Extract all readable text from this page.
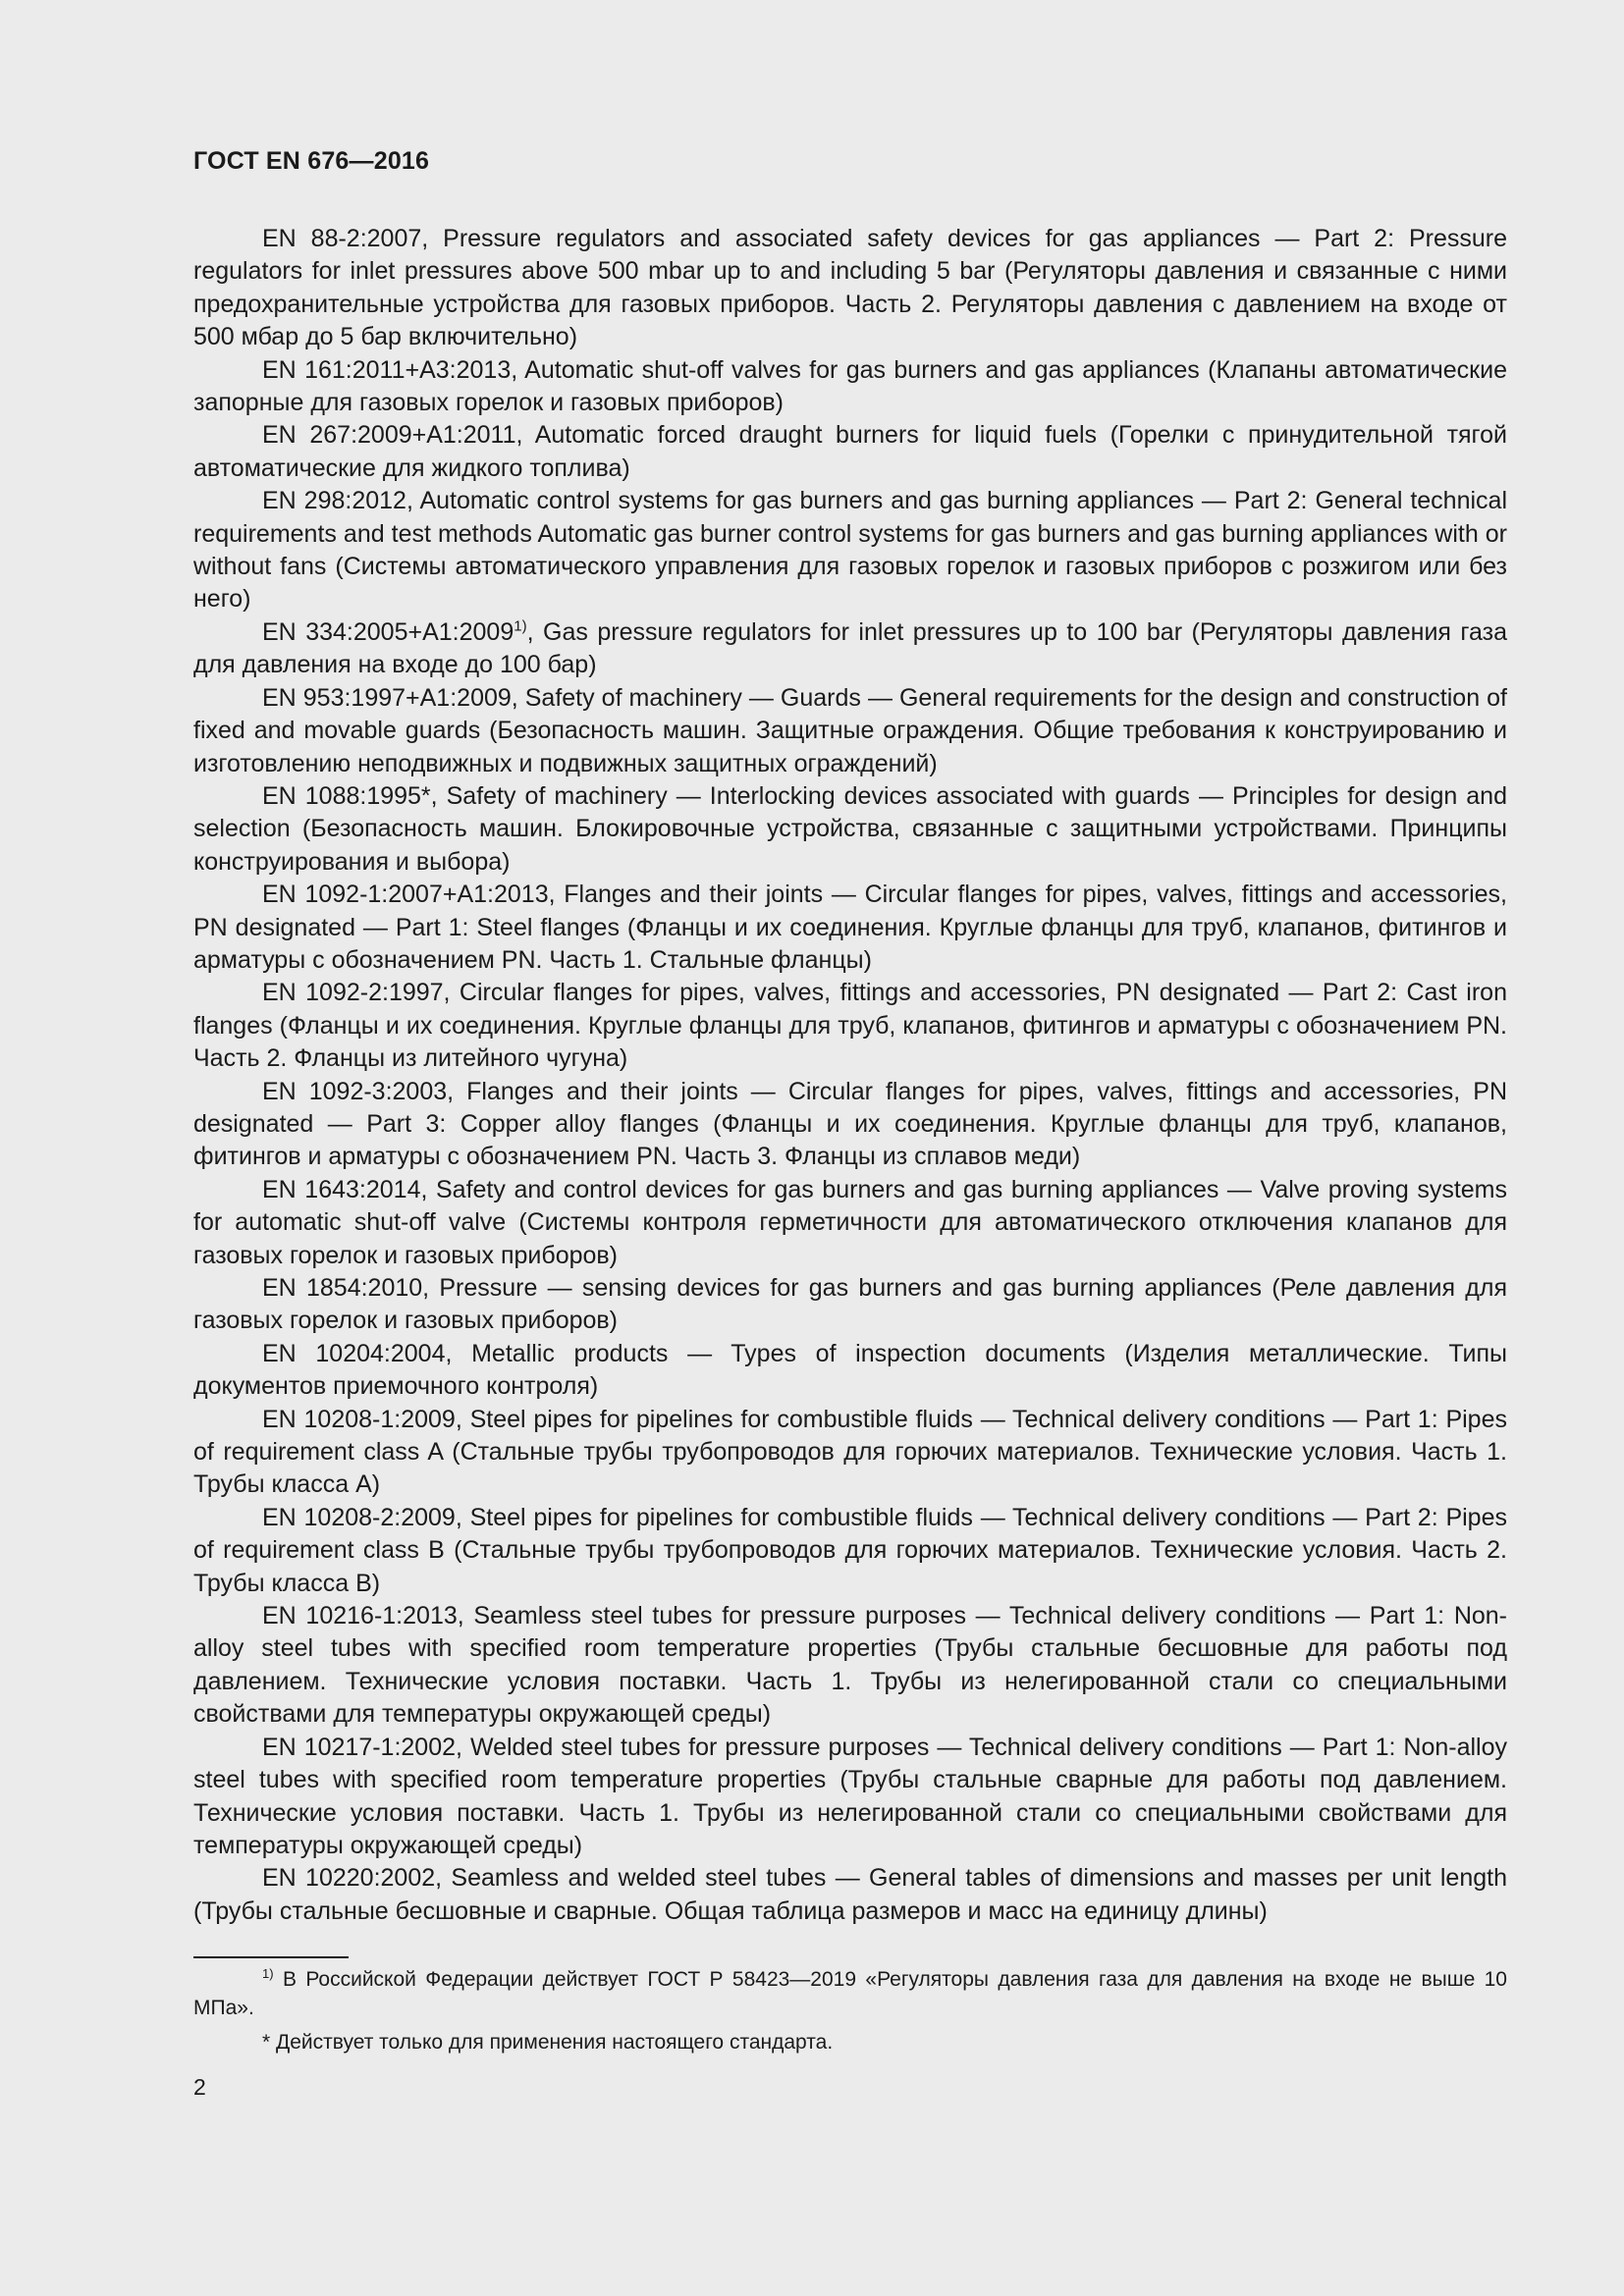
ГОСТ EN 676—2016

EN 88-2:2007, Pressure regulators and associated safety devices for gas appliances — Part 2: Pressure regulators for inlet pressures above 500 mbar up to and including 5 bar (Регуляторы давления и связанные с ними предохранительные устройства для газовых приборов. Часть 2. Регуляторы давления с давлением на входе от 500 мбар до 5 бар включительно)

EN 161:2011+A3:2013, Automatic shut-off valves for gas burners and gas appliances (Клапаны автоматические запорные для газовых горелок и газовых приборов)

EN 267:2009+A1:2011, Automatic forced draught burners for liquid fuels (Горелки с принудительной тягой автоматические для жидкого топлива)

EN 298:2012, Automatic control systems for gas burners and gas burning appliances — Part 2: General technical requirements and test methods Automatic gas burner control systems for gas burners and gas burning appliances with or without fans (Системы автоматического управления для газовых горелок и газовых приборов с розжигом или без него)

EN $334:2005+A1:2009^{1)}$, Gas pressure regulators for inlet pressures up to 100 bar (Регуляторы давления газа для давления на входе до 100 бар)

EN 953:1997+A1:2009, Safety of machinery — Guards — General requirements for the design and construction of fixed and movable guards (Безопасность машин. Защитные ограждения. Общие требования к конструированию и изготовлению неподвижных и подвижных защитных ограждений)

EN 1088:1995*, Safety of machinery — Interlocking devices associated with guards — Principles for design and selection (Безопасность машин. Блокировочные устройства, связанные с защитными устройствами. Принципы конструирования и выбора)

EN 1092-1:2007+A1:2013, Flanges and their joints — Circular flanges for pipes, valves, fittings and accessories, PN designated — Part 1: Steel flanges (Фланцы и их соединения. Круглые фланцы для труб, клапанов, фитингов и арматуры с обозначением PN. Часть 1. Стальные фланцы)

EN 1092-2:1997, Circular flanges for pipes, valves, fittings and accessories, PN designated — Part 2: Cast iron flanges (Фланцы и их соединения. Круглые фланцы для труб, клапанов, фитингов и арматуры с обозначением PN. Часть 2. Фланцы из литейного чугуна)

EN 1092-3:2003, Flanges and their joints — Circular flanges for pipes, valves, fittings and accessories, PN designated — Part 3: Copper alloy flanges (Фланцы и их соединения. Круглые фланцы для труб, клапанов, фитингов и арматуры с обозначением PN. Часть 3. Фланцы из сплавов меди)

EN 1643:2014, Safety and control devices for gas burners and gas burning appliances — Valve proving systems for automatic shut-off valve (Системы контроля герметичности для автоматического отключения клапанов для газовых горелок и газовых приборов)

EN 1854:2010, Pressure — sensing devices for gas burners and gas burning appliances (Реле давления для газовых горелок и газовых приборов)

EN 10204:2004, Metallic products — Types of inspection documents (Изделия металлические. Типы документов приемочного контроля)

EN 10208-1:2009, Steel pipes for pipelines for combustible fluids — Technical delivery conditions — Part 1: Pipes of requirement class A (Стальные трубы трубопроводов для горючих материалов. Технические условия. Часть 1. Трубы класса А)

EN 10208-2:2009, Steel pipes for pipelines for combustible fluids — Technical delivery conditions — Part 2: Pipes of requirement class B (Стальные трубы трубопроводов для горючих материалов. Технические условия. Часть 2. Трубы класса В)

EN 10216-1:2013, Seamless steel tubes for pressure purposes — Technical delivery conditions — Part 1: Non-alloy steel tubes with specified room temperature properties (Трубы стальные бесшовные для работы под давлением. Технические условия поставки. Часть 1. Трубы из нелегированной стали со специальными свойствами для температуры окружающей среды)

EN 10217-1:2002, Welded steel tubes for pressure purposes — Technical delivery conditions — Part 1: Non-alloy steel tubes with specified room temperature properties (Трубы стальные сварные для работы под давлением. Технические условия поставки. Часть 1. Трубы из нелегированной стали со специальными свойствами для температуры окружающей среды)

EN 10220:2002, Seamless and welded steel tubes — General tables of dimensions and masses per unit length (Трубы стальные бесшовные и сварные. Общая таблица размеров и масс на единицу длины)

$^{1)}$ В Российской Федерации действует ГОСТ Р 58423—2019 «Регуляторы давления газа для давления на входе не выше 10 МПа».

* Действует только для применения настоящего стандарта.

2
